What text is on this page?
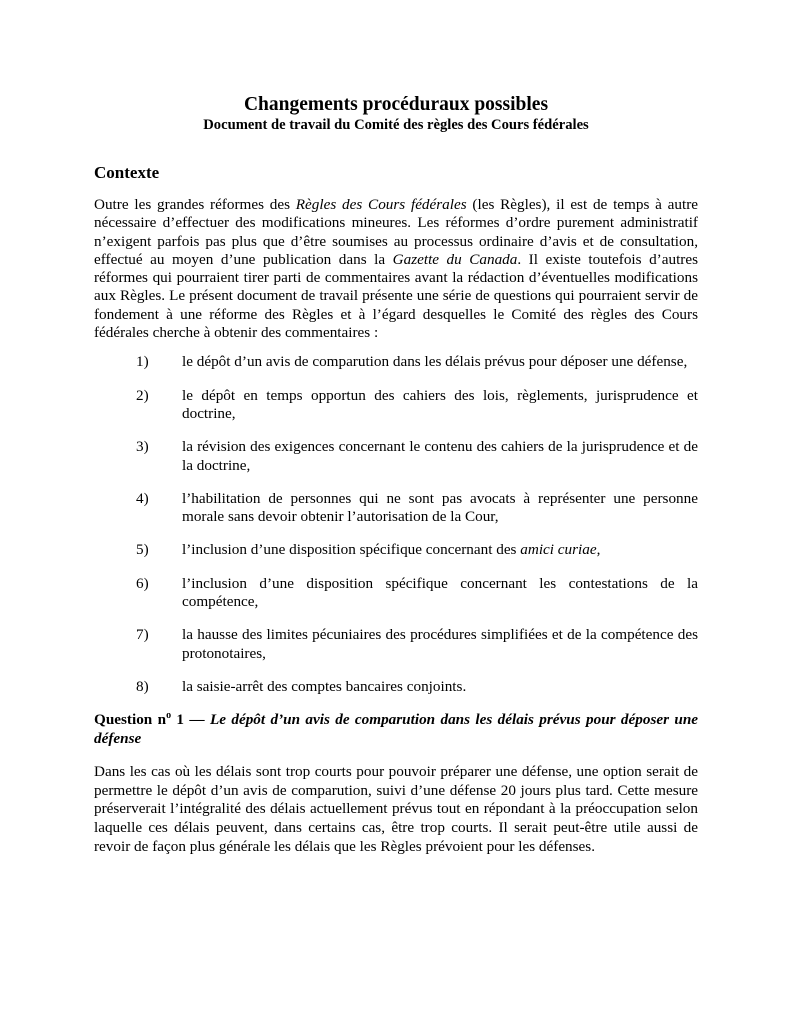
Changements procéduraux possibles
Document de travail du Comité des règles des Cours fédérales
Contexte

Outre les grandes réformes des Règles des Cours fédérales (les Règles), il est de temps à autre nécessaire d’effectuer des modifications mineures. Les réformes d’ordre purement administratif n’exigent parfois pas plus que d’être soumises au processus ordinaire d’avis et de consultation, effectué au moyen d’une publication dans la Gazette du Canada. Il existe toutefois d’autres réformes qui pourraient tirer parti de commentaires avant la rédaction d’éventuelles modifications aux Règles. Le présent document de travail présente une série de questions qui pourraient servir de fondement à une réforme des Règles et à l’égard desquelles le Comité des règles des Cours fédérales cherche à obtenir des commentaires :

1)	le dépôt d’un avis de comparution dans les délais prévus pour déposer une défense,
2)	le dépôt en temps opportun des cahiers des lois, règlements, jurisprudence et doctrine,
3)	la révision des exigences concernant le contenu des cahiers de la jurisprudence et de la doctrine,
4)	l’habilitation de personnes qui ne sont pas avocats à représenter une personne morale sans devoir obtenir l’autorisation de la Cour,
5)	l’inclusion d’une disposition spécifique concernant des amici curiae,
6)	l’inclusion d’une disposition spécifique concernant les contestations de la compétence,
7)	la hausse des limites pécuniaires des procédures simplifiées et de la compétence des protonotaires,
8)	la saisie-arrêt des comptes bancaires conjoints.

Question $n^o$ 1 — Le dépôt d’un avis de comparution dans les délais prévus pour déposer une défense

Dans les cas où les délais sont trop courts pour pouvoir préparer une défense, une option serait de permettre le dépôt d’un avis de comparution, suivi d’une défense 20 jours plus tard. Cette mesure préserverait l’intégralité des délais actuellement prévus tout en répondant à la préoccupation selon laquelle ces délais peuvent, dans certains cas, être trop courts. Il serait peut-être utile aussi de revoir de façon plus générale les délais que les Règles prévoient pour les défenses.
